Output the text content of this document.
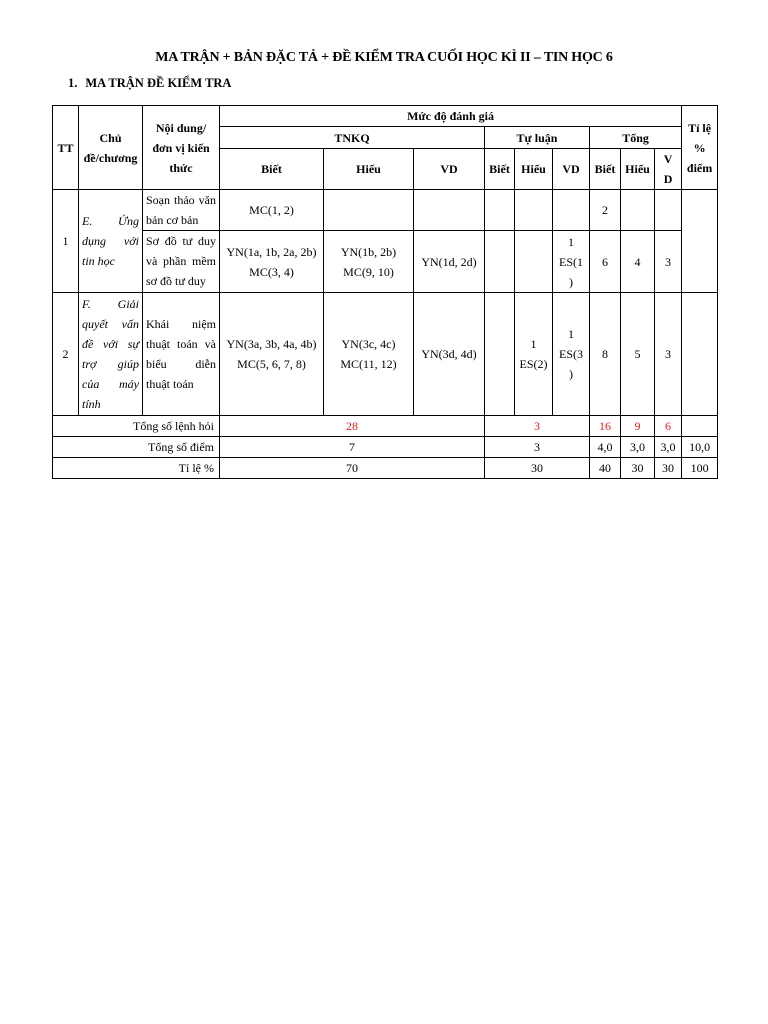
MA TRẬN + BẢN ĐẶC TẢ + ĐỀ KIỂM TRA CUỐI HỌC KÌ II – TIN HỌC 6
1. MA TRẬN ĐỀ KIỂM TRA
TT	Chủ đề/chương	Nội dung/đơn vị kiến thức	Mức độ đánh giá									Tỉ lệ % điểm
			TNKQ			Tự luận			Tổng			
			Biết	Hiểu	VD	Biết	Hiểu	VD	Biết	Hiểu	V D	
1	E. Ứng dụng với tin học	Soạn thảo văn bản cơ bản	MC(1, 2)						2			
		Sơ đồ tư duy và phần mềm sơ đồ tư duy	YN(1a, 1b, 2a, 2b) MC(3, 4)	YN(1b, 2b) MC(9, 10)	YN(1d, 2d)			1 ES(1 )	6	4	3	
2	F. Giải quyết vấn đề với sự trợ giúp của máy tính	Khái niệm thuật toán và biểu diễn thuật toán	YN(3a, 3b, 4a, 4b) MC(5, 6, 7, 8)	YN(3c, 4c) MC(11, 12)	YN(3d, 4d)		1 ES(2)	1 ES(3 )	8	5	3	
Tổng số lệnh hỏi			28			3			16	9	6	
Tổng số điểm			7			3			4,0	3,0	3,0	10,0
Tỉ lệ %			70			30			40	30	30	100
